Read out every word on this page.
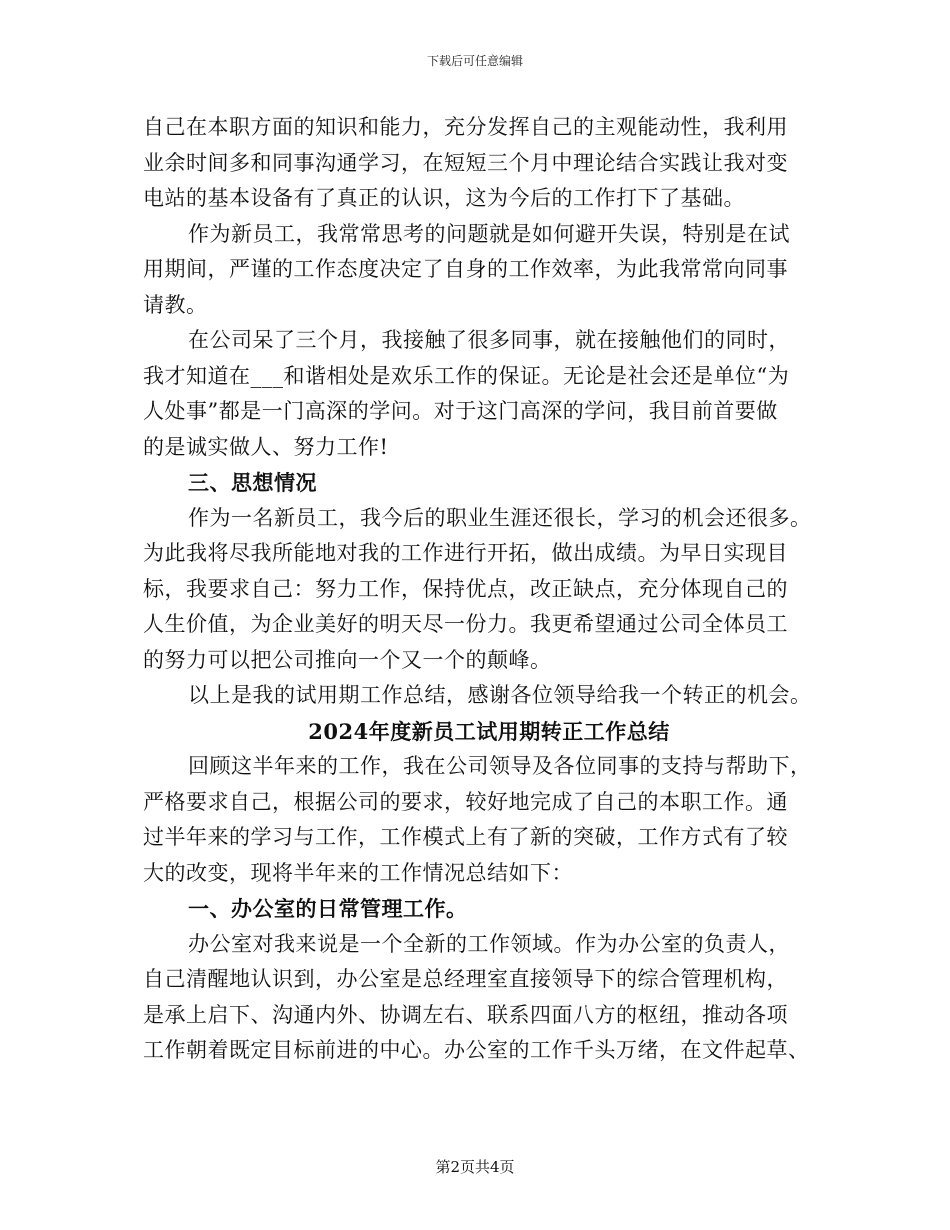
下载后可任意编辑

自己在本职方面的知识和能力，充分发挥自己的主观能动性，我利用

业余时间多和同事沟通学习，在短短三个月中理论结合实践让我对变

电站的基本设备有了真正的认识，这为今后的工作打下了基础。

作为新员工，我常常思考的问题就是如何避开失误，特别是在试

用期间，严谨的工作态度决定了自身的工作效率，为此我常常向同事

请教。

在公司呆了三个月，我接触了很多同事，就在接触他们的同时，

我才知道在___和谐相处是欢乐工作的保证。无论是社会还是单位“为

人处事”都是一门高深的学问。对于这门高深的学问，我目前首要做

的是诚实做人、努力工作!

三、思想情况

作为一名新员工，我今后的职业生涯还很长，学习的机会还很多。

为此我将尽我所能地对我的工作进行开拓，做出成绩。为早日实现目

标，我要求自己：努力工作，保持优点，改正缺点，充分体现自己的

人生价值，为企业美好的明天尽一份力。我更希望通过公司全体员工

的努力可以把公司推向一个又一个的颠峰。

以上是我的试用期工作总结，感谢各位领导给我一个转正的机会。

2024年度新员工试用期转正工作总结

回顾这半年来的工作，我在公司领导及各位同事的支持与帮助下，

严格要求自己，根据公司的要求，较好地完成了自己的本职工作。通

过半年来的学习与工作，工作模式上有了新的突破，工作方式有了较

大的改变，现将半年来的工作情况总结如下：

一、办公室的日常管理工作。

办公室对我来说是一个全新的工作领域。作为办公室的负责人，

自己清醒地认识到，办公室是总经理室直接领导下的综合管理机构，

是承上启下、沟通内外、协调左右、联系四面八方的枢纽，推动各项

工作朝着既定目标前进的中心。办公室的工作千头万绪，在文件起草、

第2页共4页
